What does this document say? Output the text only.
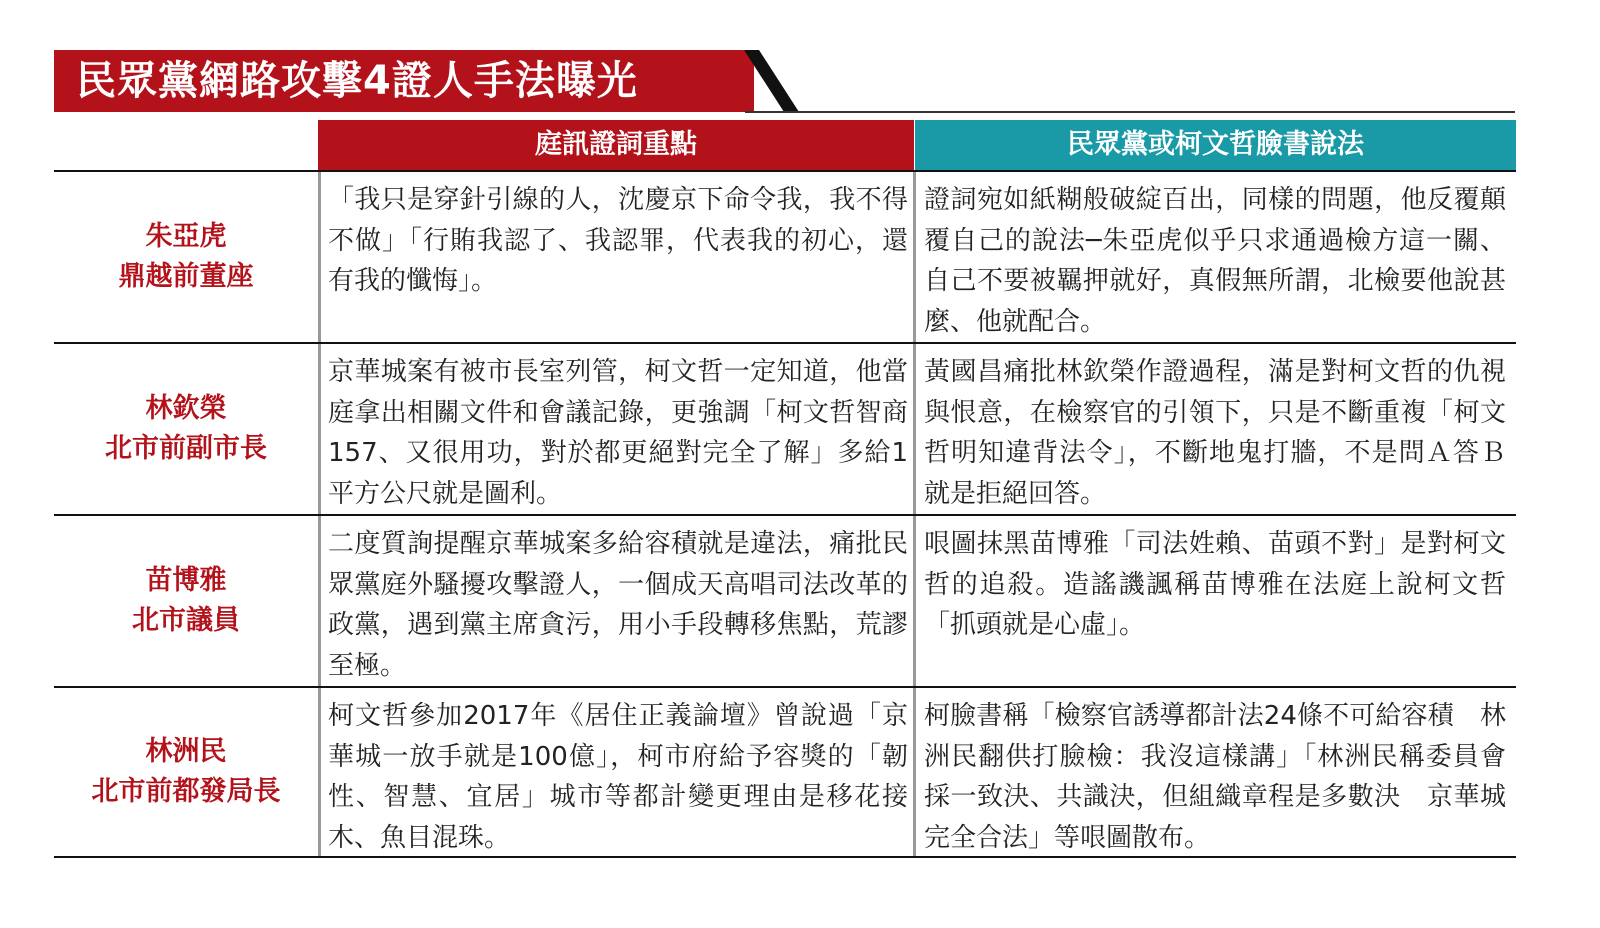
民眾黨網路攻擊4證人手法曝光
庭訊證詞重點	民眾黨或柯文哲臉書說法
朱亞虎
鼎越前董座
「我只是穿針引線的人，沈慶京下命令我，我不得不做」「行賄我認了、我認罪，代表我的初心，還有我的懺悔」。
證詞宛如紙糊般破綻百出，同樣的問題，他反覆顛覆自己的說法─朱亞虎似乎只求通過檢方這一關、自己不要被羈押就好，真假無所謂，北檢要他說甚麼、他就配合。
林欽榮
北市前副市長
京華城案有被市長室列管，柯文哲一定知道，他當庭拿出相關文件和會議記錄，更強調「柯文哲智商157、又很用功，對於都更絕對完全了解」多給1平方公尺就是圖利。
黃國昌痛批林欽榮作證過程，滿是對柯文哲的仇視與恨意，在檢察官的引領下，只是不斷重複「柯文哲明知違背法令」，不斷地鬼打牆，不是問Ａ答Ｂ就是拒絕回答。
苗博雅
北市議員
二度質詢提醒京華城案多給容積就是違法，痛批民眾黨庭外騷擾攻擊證人，一個成天高唱司法改革的政黨，遇到黨主席貪污，用小手段轉移焦點，荒謬至極。
哏圖抹黑苗博雅「司法姓賴、苗頭不對」是對柯文哲的追殺。造謠譏諷稱苗博雅在法庭上說柯文哲「抓頭就是心虛」。
林洲民
北市前都發局長
柯文哲參加2017年《居住正義論壇》曾說過「京華城一放手就是100億」，柯市府給予容獎的「韌性、智慧、宜居」城市等都計變更理由是移花接木、魚目混珠。
柯臉書稱「檢察官誘導都計法24條不可給容積　林洲民翻供打臉檢：我沒這樣講」「林洲民稱委員會採一致決、共識決，但組織章程是多數決　京華城完全合法」等哏圖散布。
